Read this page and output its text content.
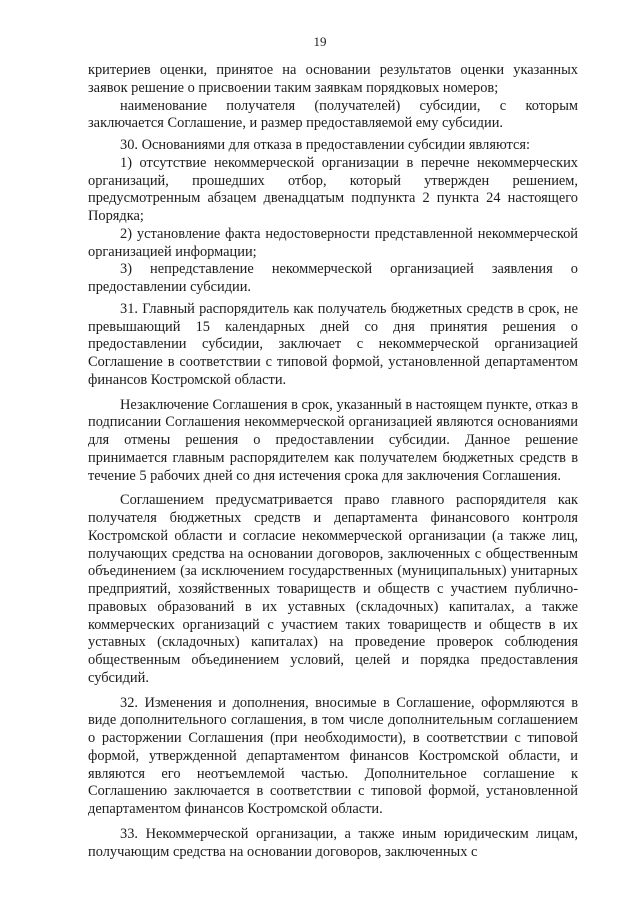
19

критериев оценки, принятое на основании результатов оценки указанных заявок решение о присвоении таким заявкам порядковых номеров;

наименование получателя (получателей) субсидии, с которым заключается Соглашение, и размер предоставляемой ему субсидии.

30. Основаниями для отказа в предоставлении субсидии являются:

1) отсутствие некоммерческой организации в перечне некоммерческих организаций, прошедших отбор, который утвержден решением, предусмотренным абзацем двенадцатым подпункта 2 пункта 24 настоящего Порядка;

2) установление факта недостоверности представленной некоммерческой организацией информации;

3) непредставление некоммерческой организацией заявления о предоставлении субсидии.

31. Главный распорядитель как получатель бюджетных средств в срок, не превышающий 15 календарных дней со дня принятия решения о предоставлении субсидии, заключает с некоммерческой организацией Соглашение в соответствии с типовой формой, установленной департаментом финансов Костромской области.

Незаключение Соглашения в срок, указанный в настоящем пункте, отказ в подписании Соглашения некоммерческой организацией являются основаниями для отмены решения о предоставлении субсидии. Данное решение принимается главным распорядителем как получателем бюджетных средств в течение 5 рабочих дней со дня истечения срока для заключения Соглашения.

Соглашением предусматривается право главного распорядителя как получателя бюджетных средств и департамента финансового контроля Костромской области и согласие некоммерческой организации (а также лиц, получающих средства на основании договоров, заключенных с общественным объединением (за исключением государственных (муниципальных) унитарных предприятий, хозяйственных товариществ и обществ с участием публично-правовых образований в их уставных (складочных) капиталах, а также коммерческих организаций с участием таких товариществ и обществ в их уставных (складочных) капиталах) на проведение проверок соблюдения общественным объединением условий, целей и порядка предоставления субсидий.

32. Изменения и дополнения, вносимые в Соглашение, оформляются в виде дополнительного соглашения, в том числе дополнительным соглашением о расторжении Соглашения (при необходимости), в соответствии с типовой формой, утвержденной департаментом финансов Костромской области, и являются его неотъемлемой частью. Дополнительное соглашение к Соглашению заключается в соответствии с типовой формой, установленной департаментом финансов Костромской области.

33. Некоммерческой организации, а также иным юридическим лицам, получающим средства на основании договоров, заключенных с
